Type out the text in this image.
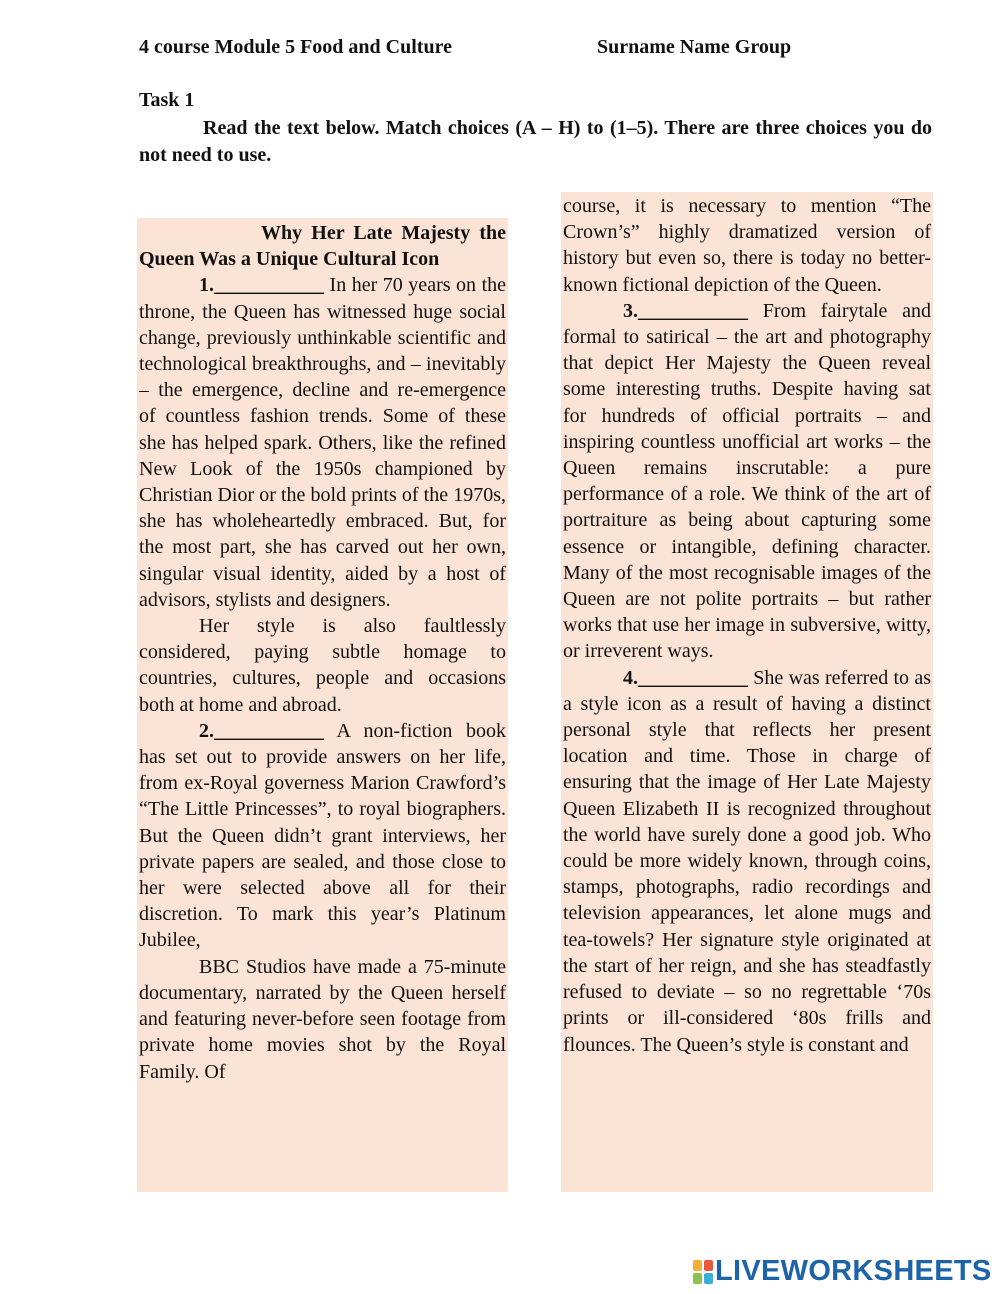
4 course Module 5 Food and Culture	Surname Name Group
Task 1
Read the text below. Match choices (A – H) to (1–5). There are three choices you do not need to use.

Why Her Late Majesty the Queen Was a Unique Cultural Icon

1.___________ In her 70 years on the throne, the Queen has witnessed huge social change, previously unthinkable scientific and technological breakthroughs, and – inevitably – the emergence, decline and re-emergence of countless fashion trends. Some of these she has helped spark. Others, like the refined New Look of the 1950s championed by Christian Dior or the bold prints of the 1970s, she has wholeheartedly embraced. But, for the most part, she has carved out her own, singular visual identity, aided by a host of advisors, stylists and designers.

Her style is also faultlessly considered, paying subtle homage to countries, cultures, people and occasions both at home and abroad.

2.___________ A non-fiction book has set out to provide answers on her life, from ex-Royal governess Marion Crawford’s “The Little Princesses”, to royal biographers. But the Queen didn’t grant interviews, her private papers are sealed, and those close to her were selected above all for their discretion. To mark this year’s Platinum Jubilee,

BBC Studios have made a 75-minute documentary, narrated by the Queen herself and featuring never-before seen footage from private home movies shot by the Royal Family. Of

course, it is necessary to mention “The Crown’s” highly dramatized version of history but even so, there is today no better-known fictional depiction of the Queen.

3.___________ From fairytale and formal to satirical – the art and photography that depict Her Majesty the Queen reveal some interesting truths. Despite having sat for hundreds of official portraits – and inspiring countless unofficial art works – the Queen remains inscrutable: a pure performance of a role. We think of the art of portraiture as being about capturing some essence or intangible, defining character. Many of the most recognisable images of the Queen are not polite portraits – but rather works that use her image in subversive, witty, or irreverent ways.

4.___________ She was referred to as a style icon as a result of having a distinct personal style that reflects her present location and time. Those in charge of ensuring that the image of Her Late Majesty Queen Elizabeth II is recognized throughout the world have surely done a good job. Who could be more widely known, through coins, stamps, photographs, radio recordings and television appearances, let alone mugs and tea-towels? Her signature style originated at the start of her reign, and she has steadfastly refused to deviate – so no regrettable ‘70s prints or ill-considered ‘80s frills and flounces. The Queen’s style is constant and

LIVEWORKSHEETS
